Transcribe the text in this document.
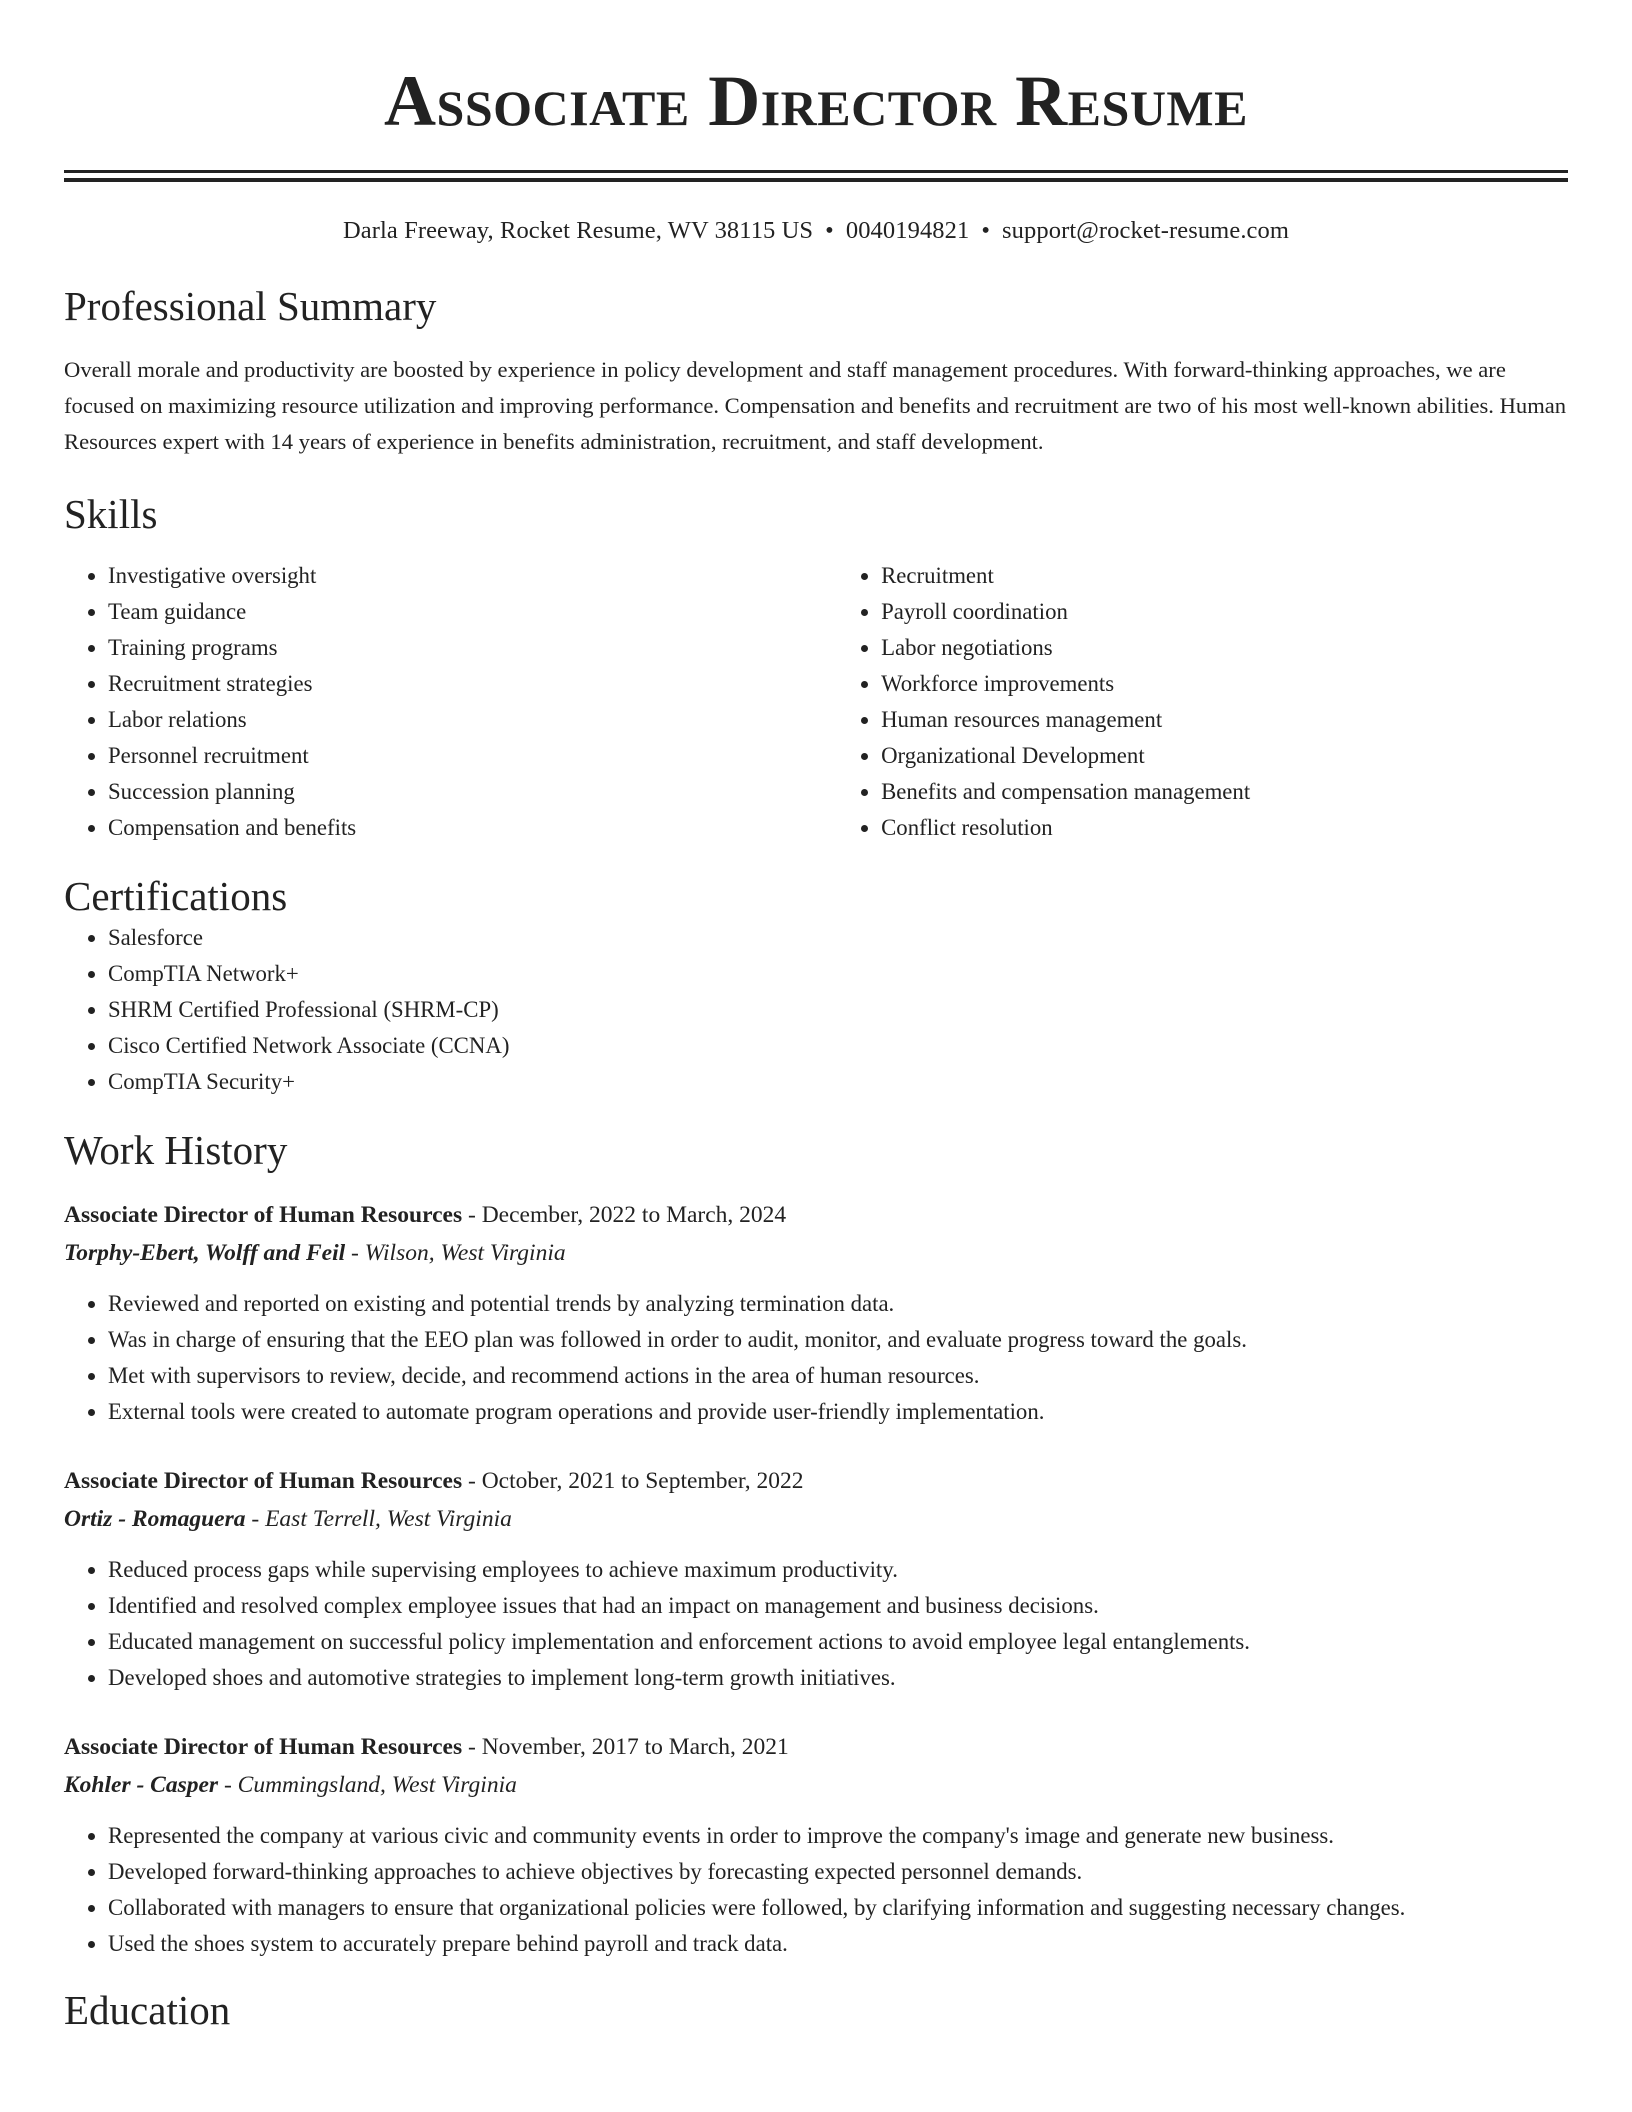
Associate Director Resume
Darla Freeway, Rocket Resume, WV 38115 US • 0040194821 • support@rocket-resume.com
Professional Summary

Overall morale and productivity are boosted by experience in policy development and staff management procedures. With forward-thinking approaches, we are focused on maximizing resource utilization and improving performance. Compensation and benefits and recruitment are two of his most well-known abilities. Human Resources expert with 14 years of experience in benefits administration, recruitment, and staff development.

Skills
• Investigative oversight
• Team guidance
• Training programs
• Recruitment strategies
• Labor relations
• Personnel recruitment
• Succession planning
• Compensation and benefits
• Recruitment
• Payroll coordination
• Labor negotiations
• Workforce improvements
• Human resources management
• Organizational Development
• Benefits and compensation management
• Conflict resolution
Certifications
• Salesforce
• CompTIA Network+
• SHRM Certified Professional (SHRM-CP)
• Cisco Certified Network Associate (CCNA)
• CompTIA Security+
Work History
Associate Director of Human Resources - December, 2022 to March, 2024
Torphy-Ebert, Wolff and Feil - Wilson, West Virginia
• Reviewed and reported on existing and potential trends by analyzing termination data.
• Was in charge of ensuring that the EEO plan was followed in order to audit, monitor, and evaluate progress toward the goals.
• Met with supervisors to review, decide, and recommend actions in the area of human resources.
• External tools were created to automate program operations and provide user-friendly implementation.
Associate Director of Human Resources - October, 2021 to September, 2022
Ortiz - Romaguera - East Terrell, West Virginia
• Reduced process gaps while supervising employees to achieve maximum productivity.
• Identified and resolved complex employee issues that had an impact on management and business decisions.
• Educated management on successful policy implementation and enforcement actions to avoid employee legal entanglements.
• Developed shoes and automotive strategies to implement long-term growth initiatives.
Associate Director of Human Resources - November, 2017 to March, 2021
Kohler - Casper - Cummingsland, West Virginia
• Represented the company at various civic and community events in order to improve the company's image and generate new business.
• Developed forward-thinking approaches to achieve objectives by forecasting expected personnel demands.
• Collaborated with managers to ensure that organizational policies were followed, by clarifying information and suggesting necessary changes.
• Used the shoes system to accurately prepare behind payroll and track data.
Education
